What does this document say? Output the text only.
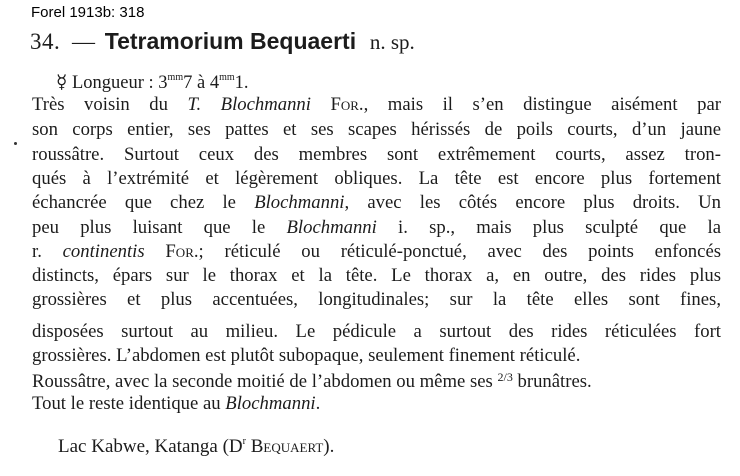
Forel 1913b: 318
34. — Tetramorium Bequaerti n. sp.
☿ Longueur : $3^{mm}7$ à $4^{mm}1$.
Très voisin du T. Blochmanni For., mais il s’en distingue aisément par
son corps entier, ses pattes et ses scapes hérissés de poils courts, d’un jaune
roussâtre. Surtout ceux des membres sont extrêmement courts, assez tron-
qués à l’extrémité et légèrement obliques. La tête est encore plus fortement
échancrée que chez le Blochmanni, avec les côtés encore plus droits. Un
peu plus luisant que le Blochmanni i. sp., mais plus sculpté que la
r. continentis For.; réticulé ou réticulé-ponctué, avec des points enfoncés
distincts, épars sur le thorax et la tête. Le thorax a, en outre, des rides plus
grossières et plus accentuées, longitudinales; sur la tête elles sont fines,
disposées surtout au milieu. Le pédicule a surtout des rides réticulées fort
grossières. L’abdomen est plutôt subopaque, seulement finement réticulé.
Roussâtre, avec la seconde moitié de l’abdomen ou même ses $^{2/3}$ brunâtres.
Tout le reste identique au Blochmanni.
Lac Kabwe, Katanga ($D^r$ Bequaert).
